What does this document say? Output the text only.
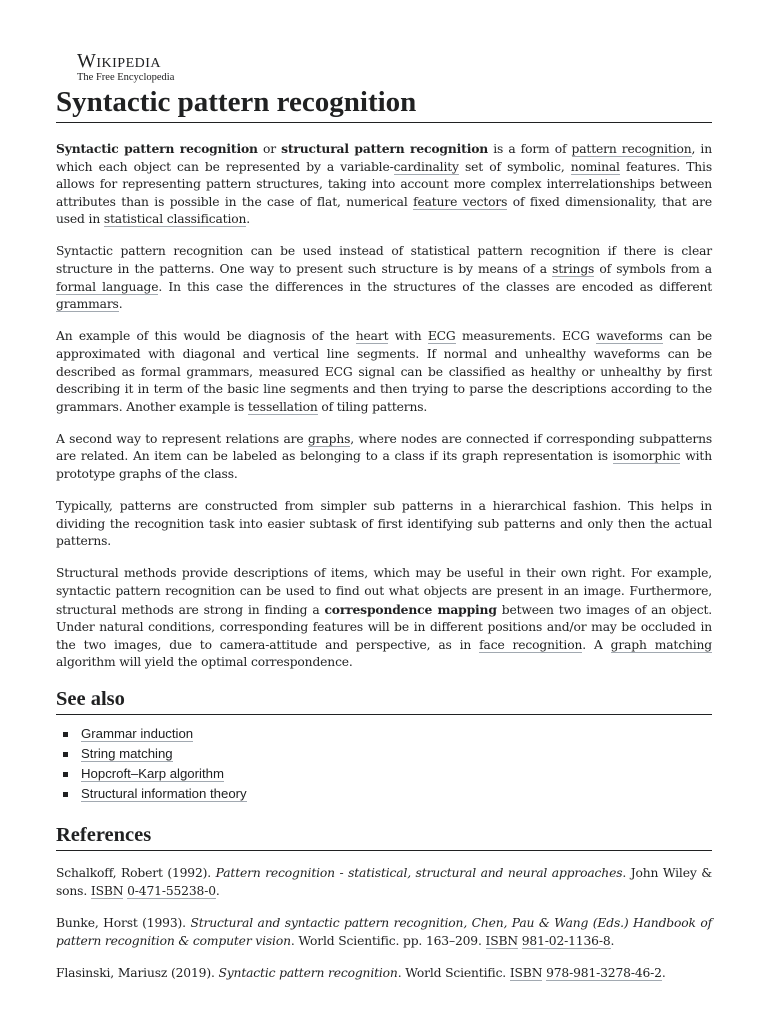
Wikipedia
The Free Encyclopedia
Syntactic pattern recognition

Syntactic pattern recognition or structural pattern recognition is a form of pattern recognition, in which each object can be represented by a variable-cardinality set of symbolic, nominal features. This allows for representing pattern structures, taking into account more complex interrelationships between attributes than is possible in the case of flat, numerical feature vectors of fixed dimensionality, that are used in statistical classification.

Syntactic pattern recognition can be used instead of statistical pattern recognition if there is clear structure in the patterns. One way to present such structure is by means of a strings of symbols from a formal language. In this case the differences in the structures of the classes are encoded as different grammars.

An example of this would be diagnosis of the heart with ECG measurements. ECG waveforms can be approximated with diagonal and vertical line segments. If normal and unhealthy waveforms can be described as formal grammars, measured ECG signal can be classified as healthy or unhealthy by first describing it in term of the basic line segments and then trying to parse the descriptions according to the grammars. Another example is tessellation of tiling patterns.

A second way to represent relations are graphs, where nodes are connected if corresponding subpatterns are related. An item can be labeled as belonging to a class if its graph representation is isomorphic with prototype graphs of the class.

Typically, patterns are constructed from simpler sub patterns in a hierarchical fashion. This helps in dividing the recognition task into easier subtask of first identifying sub patterns and only then the actual patterns.

Structural methods provide descriptions of items, which may be useful in their own right. For example, syntactic pattern recognition can be used to find out what objects are present in an image. Furthermore, structural methods are strong in finding a correspondence mapping between two images of an object. Under natural conditions, corresponding features will be in different positions and/or may be occluded in the two images, due to camera-attitude and perspective, as in face recognition. A graph matching algorithm will yield the optimal correspondence.

See also
Grammar induction
String matching
Hopcroft–Karp algorithm
Structural information theory
References
Schalkoff, Robert (1992). Pattern recognition - statistical, structural and neural approaches. John Wiley & sons. ISBN 0-471-55238-0.
Bunke, Horst (1993). Structural and syntactic pattern recognition, Chen, Pau & Wang (Eds.) Handbook of pattern recognition & computer vision. World Scientific. pp. 163–209. ISBN 981-02-1136-8.
Flasinski, Mariusz (2019). Syntactic pattern recognition. World Scientific. ISBN 978-981-3278-46-2.
